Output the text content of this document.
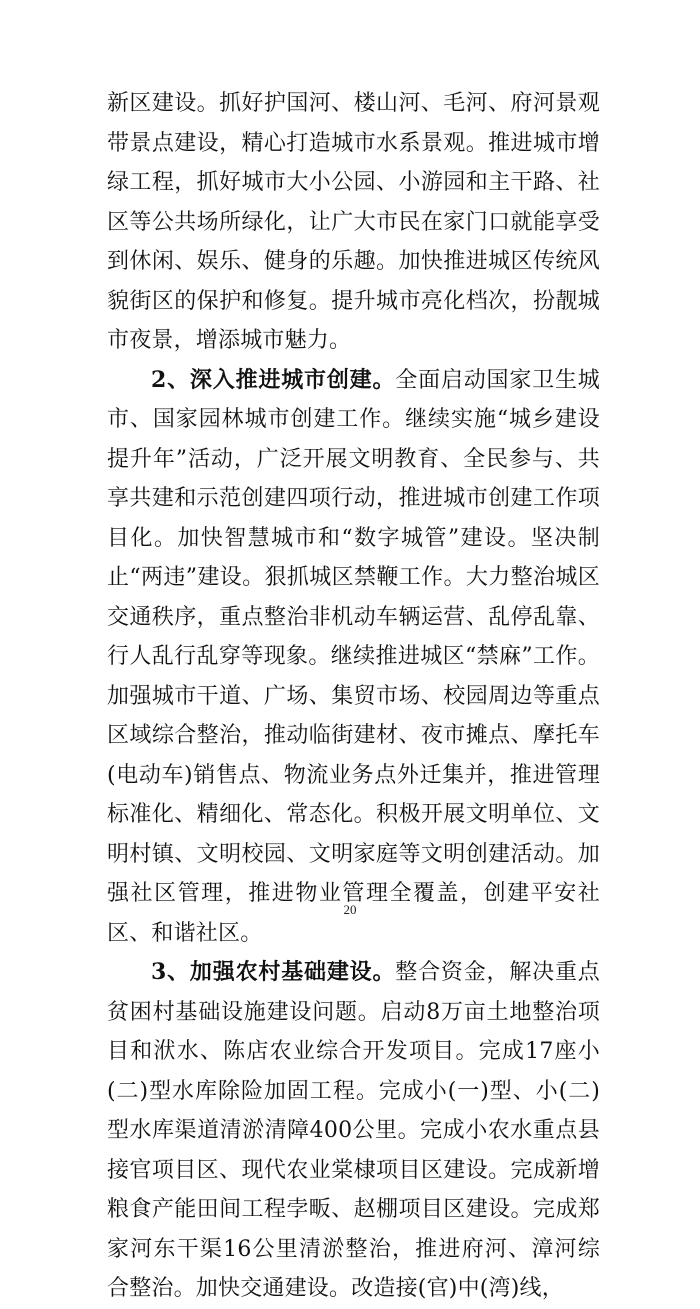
新区建设。抓好护国河、楼山河、毛河、府河景观带景点建设，精心打造城市水系景观。推进城市增绿工程，抓好城市大小公园、小游园和主干路、社区等公共场所绿化，让广大市民在家门口就能享受到休闲、娱乐、健身的乐趣。加快推进城区传统风貌街区的保护和修复。提升城市亮化档次，扮靓城市夜景，增添城市魅力。

2、深入推进城市创建。全面启动国家卫生城市、国家园林城市创建工作。继续实施“城乡建设提升年”活动，广泛开展文明教育、全民参与、共享共建和示范创建四项行动，推进城市创建工作项目化。加快智慧城市和“数字城管”建设。坚决制止“两违”建设。狠抓城区禁鞭工作。大力整治城区交通秩序，重点整治非机动车辆运营、乱停乱靠、行人乱行乱穿等现象。继续推进城区“禁麻”工作。加强城市干道、广场、集贸市场、校园周边等重点区域综合整治，推动临街建材、夜市摊点、摩托车(电动车)销售点、物流业务点外迁集并，推进管理标准化、精细化、常态化。积极开展文明单位、文明村镇、文明校园、文明家庭等文明创建活动。加强社区管理，推进物业管理全覆盖，创建平安社区、和谐社区。

3、加强农村基础建设。整合资金，解决重点贫困村基础设施建设问题。启动8万亩土地整治项目和洑水、陈店农业综合开发项目。完成17座小(二)型水库除险加固工程。完成小(一)型、小(二)型水库渠道清淤清障400公里。完成小农水重点县接官项目区、现代农业棠棣项目区建设。完成新增粮食产能田间工程孛畈、赵棚项目区建设。完成郑家河东干渠16公里清淤整治，推进府河、漳河综合整治。加快交通建设。改造接(官)中(湾)线，

20
